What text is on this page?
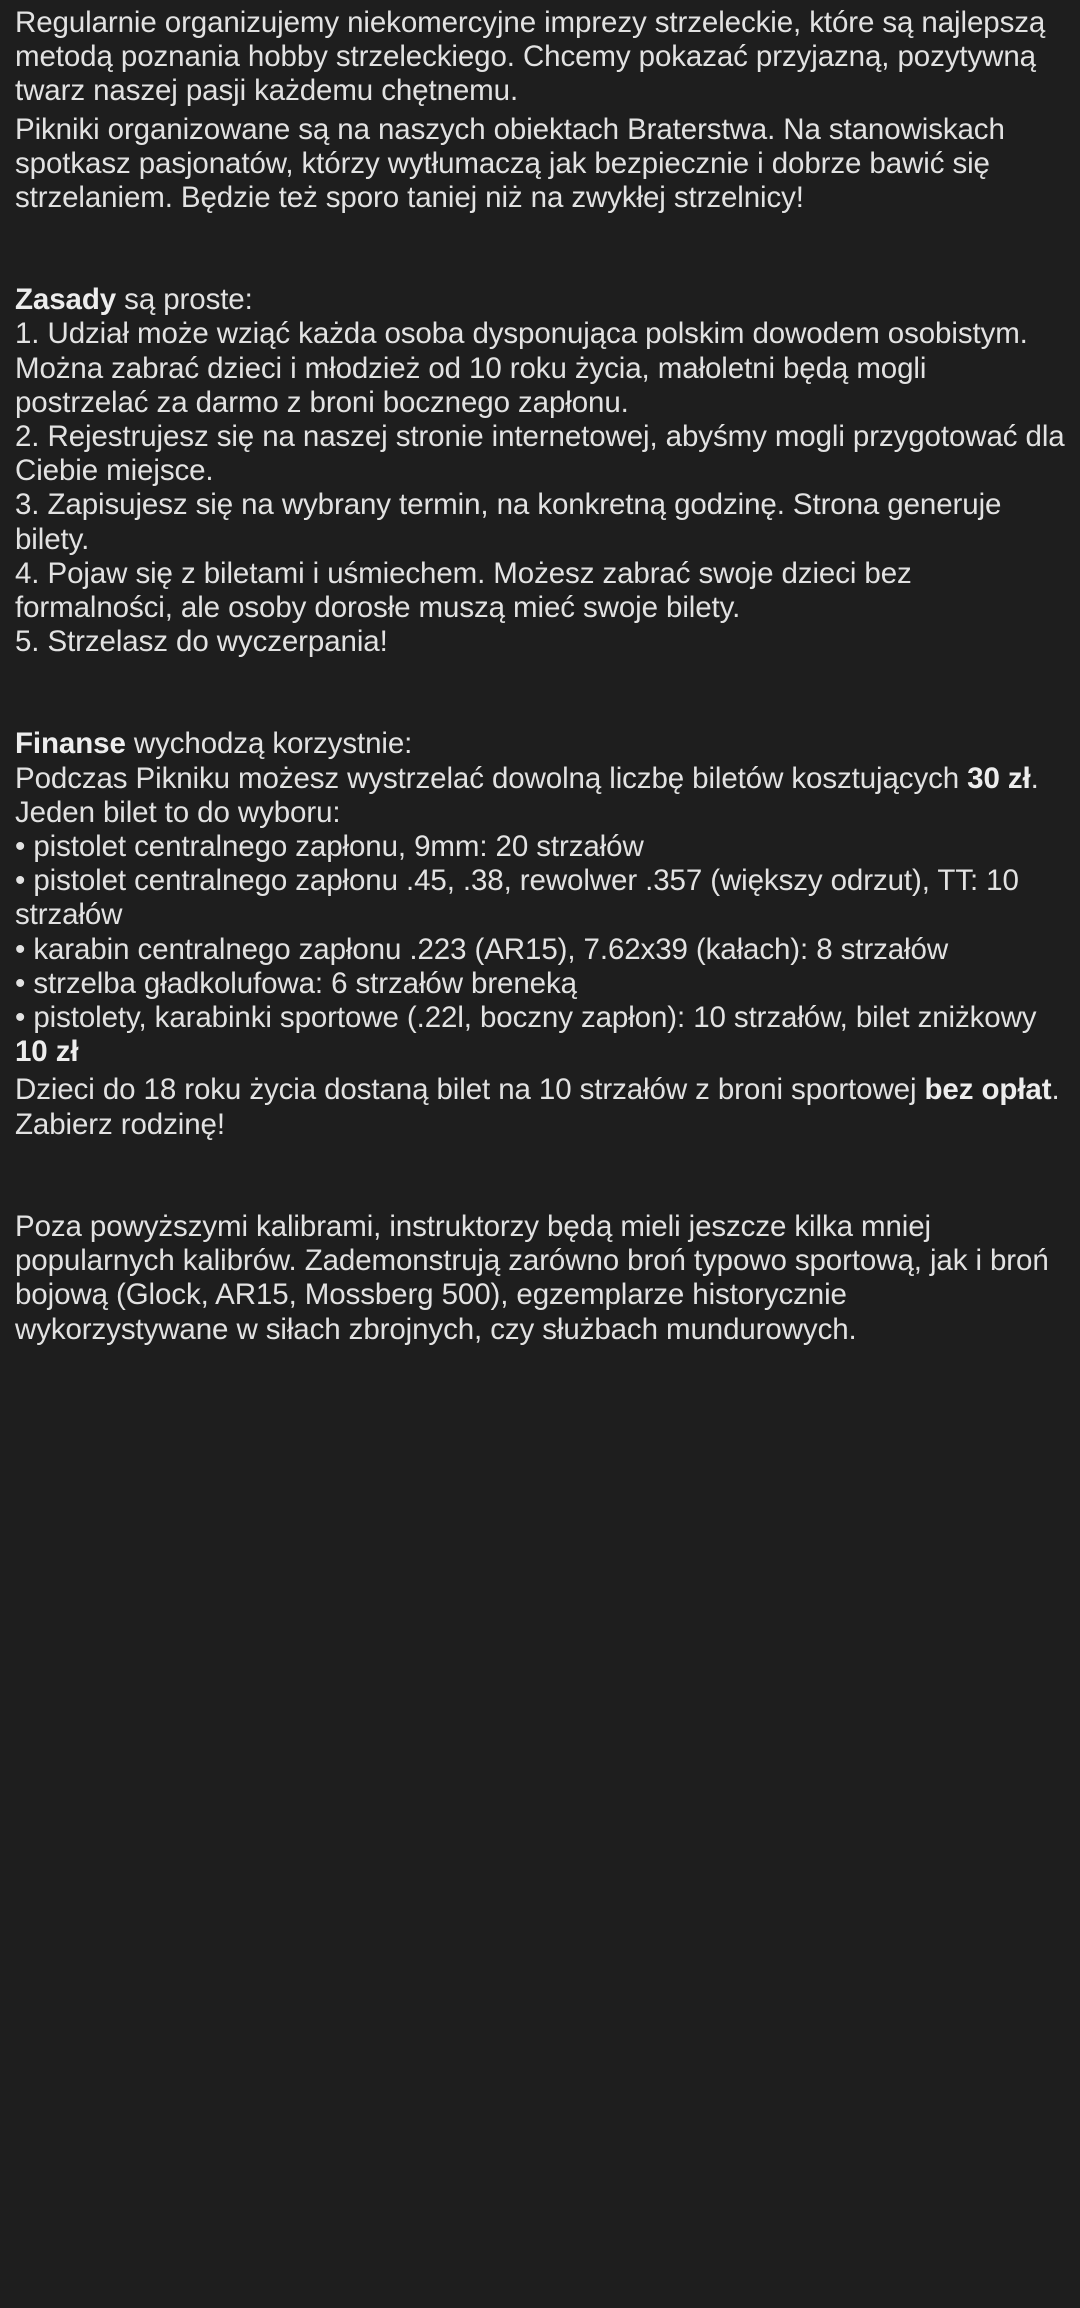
Regularnie organizujemy niekomercyjne imprezy strzeleckie, które są najlepszą metodą poznania hobby strzeleckiego. Chcemy pokazać przyjazną, pozytywną twarz naszej pasji każdemu chętnemu.

Pikniki organizowane są na naszych obiektach Braterstwa. Na stanowiskach spotkasz pasjonatów, którzy wytłumaczą jak bezpiecznie i dobrze bawić się strzelaniem. Będzie też sporo taniej niż na zwykłej strzelnicy!

Zasady są proste:

1. Udział może wziąć każda osoba dysponująca polskim dowodem osobistym. Można zabrać dzieci i młodzież od 10 roku życia, małoletni będą mogli postrzelać za darmo z broni bocznego zapłonu.
2. Rejestrujesz się na naszej stronie internetowej, abyśmy mogli przygotować dla Ciebie miejsce.
3. Zapisujesz się na wybrany termin, na konkretną godzinę. Strona generuje bilety.
4. Pojaw się z biletami i uśmiechem. Możesz zabrać swoje dzieci bez formalności, ale osoby dorosłe muszą mieć swoje bilety.
5. Strzelasz do wyczerpania!

Finanse wychodzą korzystnie:

Podczas Pikniku możesz wystrzelać dowolną liczbę biletów kosztujących 30 zł. Jeden bilet to do wyboru:

• pistolet centralnego zapłonu, 9mm: 20 strzałów
• pistolet centralnego zapłonu .45, .38, rewolwer .357 (większy odrzut), TT: 10 strzałów
• karabin centralnego zapłonu .223 (AR15), 7.62x39 (kałach): 8 strzałów
• strzelba gładkolufowa: 6 strzałów breneką
• pistolety, karabinki sportowe (.22l, boczny zapłon): 10 strzałów, bilet zniżkowy 10 zł

Dzieci do 18 roku życia dostaną bilet na 10 strzałów z broni sportowej bez opłat. Zabierz rodzinę!

Poza powyższymi kalibrami, instruktorzy będą mieli jeszcze kilka mniej popularnych kalibrów. Zademonstrują zarówno broń typowo sportową, jak i broń bojową (Glock, AR15, Mossberg 500), egzemplarze historycznie wykorzystywane w siłach zbrojnych, czy służbach mundurowych.
